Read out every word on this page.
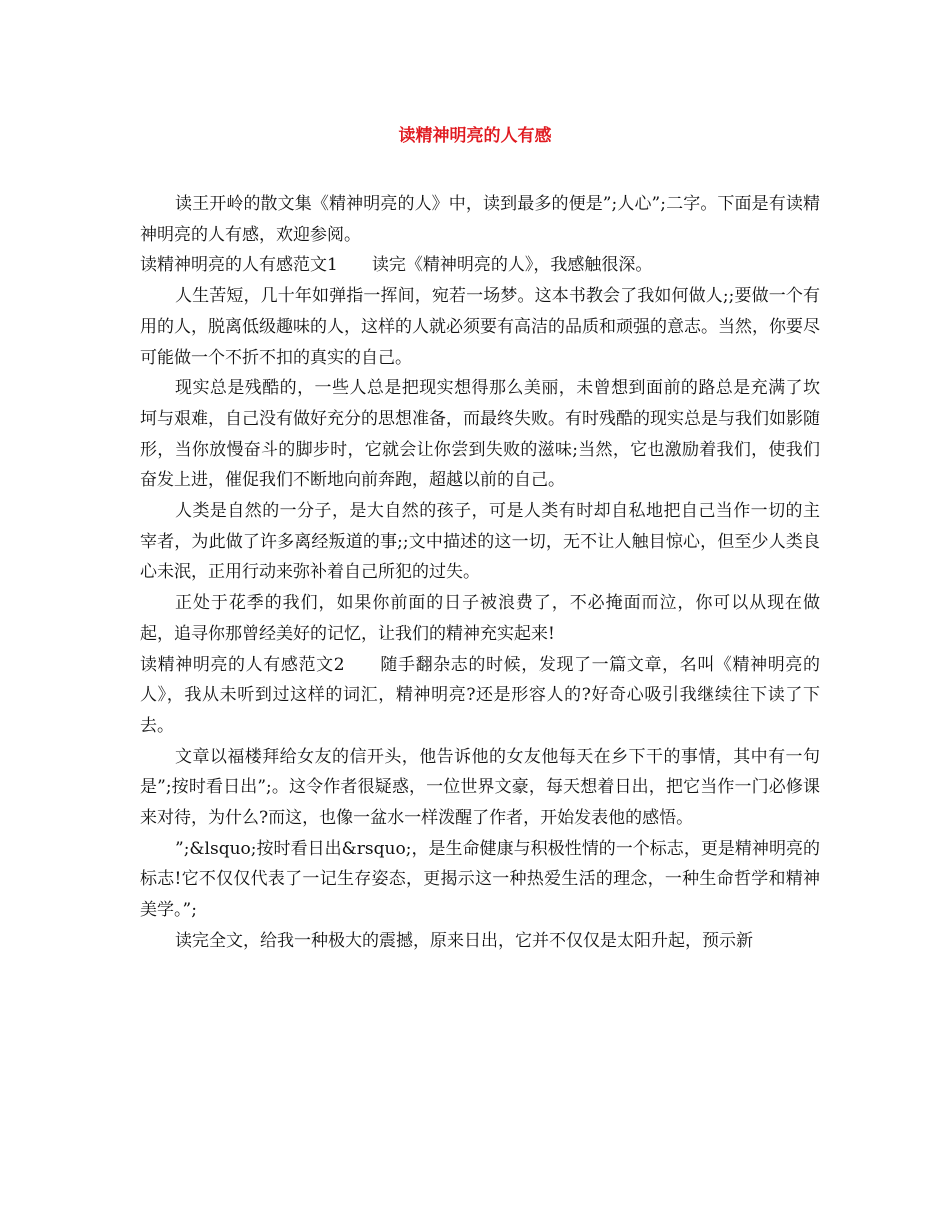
读精神明亮的人有感

读王开岭的散文集《精神明亮的人》中，读到最多的便是”;人心”;二字。下面是有读精神明亮的人有感，欢迎参阅。

读精神明亮的人有感范文1　　读完《精神明亮的人》，我感触很深。

人生苦短，几十年如弹指一挥间，宛若一场梦。这本书教会了我如何做人;;要做一个有用的人，脱离低级趣味的人，这样的人就必须要有高洁的品质和顽强的意志。当然，你要尽可能做一个不折不扣的真实的自己。

现实总是残酷的，一些人总是把现实想得那么美丽，未曾想到面前的路总是充满了坎坷与艰难，自己没有做好充分的思想准备，而最终失败。有时残酷的现实总是与我们如影随形，当你放慢奋斗的脚步时，它就会让你尝到失败的滋味;当然，它也激励着我们，使我们奋发上进，催促我们不断地向前奔跑，超越以前的自己。

人类是自然的一分子，是大自然的孩子，可是人类有时却自私地把自己当作一切的主宰者，为此做了许多离经叛道的事;;文中描述的这一切，无不让人触目惊心，但至少人类良心未泯，正用行动来弥补着自己所犯的过失。

正处于花季的我们，如果你前面的日子被浪费了，不必掩面而泣，你可以从现在做起，追寻你那曾经美好的记忆，让我们的精神充实起来!

读精神明亮的人有感范文2　　随手翻杂志的时候，发现了一篇文章，名叫《精神明亮的人》，我从未听到过这样的词汇，精神明亮?还是形容人的?好奇心吸引我继续往下读了下去。

文章以福楼拜给女友的信开头，他告诉他的女友他每天在乡下干的事情，其中有一句是”;按时看日出”;。这令作者很疑惑，一位世界文豪，每天想着日出，把它当作一门必修课来对待，为什么?而这，也像一盆水一样泼醒了作者，开始发表他的感悟。

”;&lsquo;按时看日出&rsquo;，是生命健康与积极性情的一个标志，更是精神明亮的标志!它不仅仅代表了一记生存姿态，更揭示这一种热爱生活的理念，一种生命哲学和精神美学。”;

读完全文，给我一种极大的震撼，原来日出，它并不仅仅是太阳升起，预示新
